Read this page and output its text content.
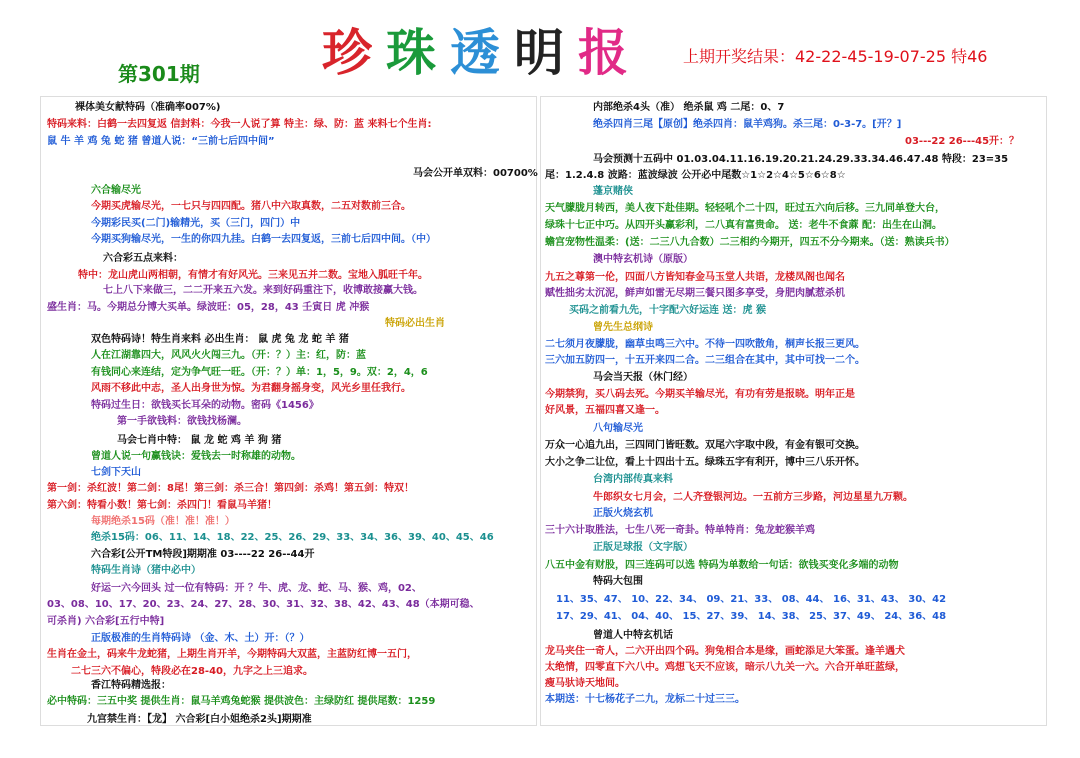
第301期 珍 珠 透 明 报	上期开奖结果：42-22-45-19-07-25 特46
裸体美女献特码（准确率007%)
特码来料：白鹤一去四复返 信封料：今我一人说了算 特主：绿、防：蓝 来料七个生肖:
鼠 牛 羊 鸡 兔 蛇 猪 曾道人说：“三前七后四中间”
马会公开单双料：00700%
六合输尽光
今期买虎输尽光，一七只与四四配。猪八中六取真数，二五对数前三合。
今期彩民买(二门)输精光，买（三门，四门）中
今期买狗输尽光，一生的你四九挂。白鹤一去四复返，三前七后四中间。（中）
六合彩五点来料：
特中：龙山虎山两相朝，有情才有好风光。三来见五并二数。宝地入胍旺千年。
七上八下来做三，二二开来五六发。来到好码重注下，收博敢接赢大钱。
盛生肖：马。今期总分博大买单。绿波旺：05，28，43 壬寅日 虎 冲猴
特码必出生肖
双色特码诗！特生肖来料 必出生肖： 鼠 虎 兔 龙 蛇 羊 猪
人在江湖靠四大，风风火火闯三九。（开：？）主：红，防：蓝
有钱同心来连结，定为争气旺一旺。（开：？）单：1，5，9。双：2，4，6
风雨不移此中志，圣人出身世为惊。为君翻身摇身变，风光乡里任我行。
特码过生日：欲钱买长耳朵的动物。密码《1456》
第一手欲钱料：欲钱找杨澜。
马会七肖中特： 鼠 龙 蛇 鸡 羊 狗 猪
曾道人说一句赢钱诀：爱钱去一时称雄的动物。
七剑下天山
第一剑：杀红波！第二剑：8尾！第三剑：杀三合！第四剑：杀鸡！第五剑：特双！
第六剑：特看小数！第七剑：杀四门！看鼠马羊猪！
每期绝杀15码（准！准！准！）
绝杀15码：06、11、14、18、22、25、26、29、33、34、36、39、40、45、46
六合彩[公开TM特段]期期准 03----22 26--44开
特码生肖诗（猪中必中）
好运一六今回头 过一位有特码：开 ？牛、虎、龙、蛇、马、猴、鸡，02、
03、08、10、17、20、23、24、27、28、30、31、32、38、42、43、48（本期可稳、
可杀肖) 六合彩[五行中特]
正版极准的生肖特码诗 （金、木、土）开：（？）
生肖在金土，码来牛龙蛇猪，上期生肖开羊，今期特码大双蓝，主蓝防红博一五门，
二七三六不偏心，特段必在28-40，九字之上三追求。
香江特码精选报：
必中特码：三五中奖 提供生肖：鼠马羊鸡兔蛇猴 提供波色：主绿防红 提供尾数：1259
九宫禁生肖：【龙】 六合彩[白小姐绝杀2头]期期准
内部绝杀4头（准） 绝杀鼠 鸡 二尾：0、7
绝杀四肖三尾【原创】绝杀四肖：鼠羊鸡狗。杀三尾：0-3-7。[开？]
03---22 26---45开：？
马会预测十五码中 01.03.04.11.16.19.20.21.24.29.33.34.46.47.48 特段：23=35
尾：1.2.4.8 波路：蓝波绿波 公开必中尾数☆1☆2☆4☆5☆6☆8☆
蓬京赌侠
天气朦胧月转西，美人夜下赴佳期。轻轻吼个二十四，旺过五六向后移。三九同单登大台，
绿珠十七正中巧。从四开头赢彩利，二八真有富贵命。 送：老牛不食蔴 配：出生在山洞。
蟾宫宠物性温柔：(送：二三八九合数）二三相约今期开，四五不分今期来。（送：熟读兵书）
澳中特玄机诗（原版）
九五之尊第一伦，四面八方皆知春金马玉堂人共语，龙楼凤阁也闻名
赋性拙劣太沉泥，鲜声如雷无尽期三餐只图多享受，身肥肉腻惹杀机
买码之前看九先，十字配六好运连 送：虎 猴
曾先生总纲诗
二七须月夜朦胧，幽草虫鸣三六中。不待一四吹散角，桐声长报三更风。
三六加五防四一，十五开来四二合。二三组合在其中，其中可找一二个。
马会当天报（休门经）
今期禁狗，买八码去死。今期买羊输尽光，有功有劳是报晓。明年正是
好风景，五福四喜又逢一。
八句输尽光
万众一心追九出，三四同门皆旺数。双尾六字取中段，有金有银可交换。
大小之争二让位，看上十四出十五。绿珠五字有利开，博中三八乐开怀。
台湾内部传真来料
牛郎织女七月会，二人齐登银河边。一五前方三步路，河边星星九万颗。
正版火烧玄机
三十六计取胜法，七生八死一奇卦。特单特肖：兔龙蛇猴羊鸡
正版足球报（文字版）
八五中金有财股，四三连码可以选 特码为单数给一句话：欲钱买变化多端的动物
特码大包围
11、35、47、 10、22、34、 09、21、33、 08、44、 16、31、43、 30、42
17、29、41、 04、40、 15、27、39、 14、38、 25、37、49、 24、36、48
曾道人中特玄机话
龙马夹住一奇人，二六开出四个码。狗兔相合本是缘，画蛇添足大笨蛋。逢羊遇犬
太绝情，四零直下六八中。鸡想飞天不应该，暗示八九关一六。六合开单旺蓝绿，
瘦马驮诗天地间。
本期送：十七杨花子二九，龙标二十过三三。
